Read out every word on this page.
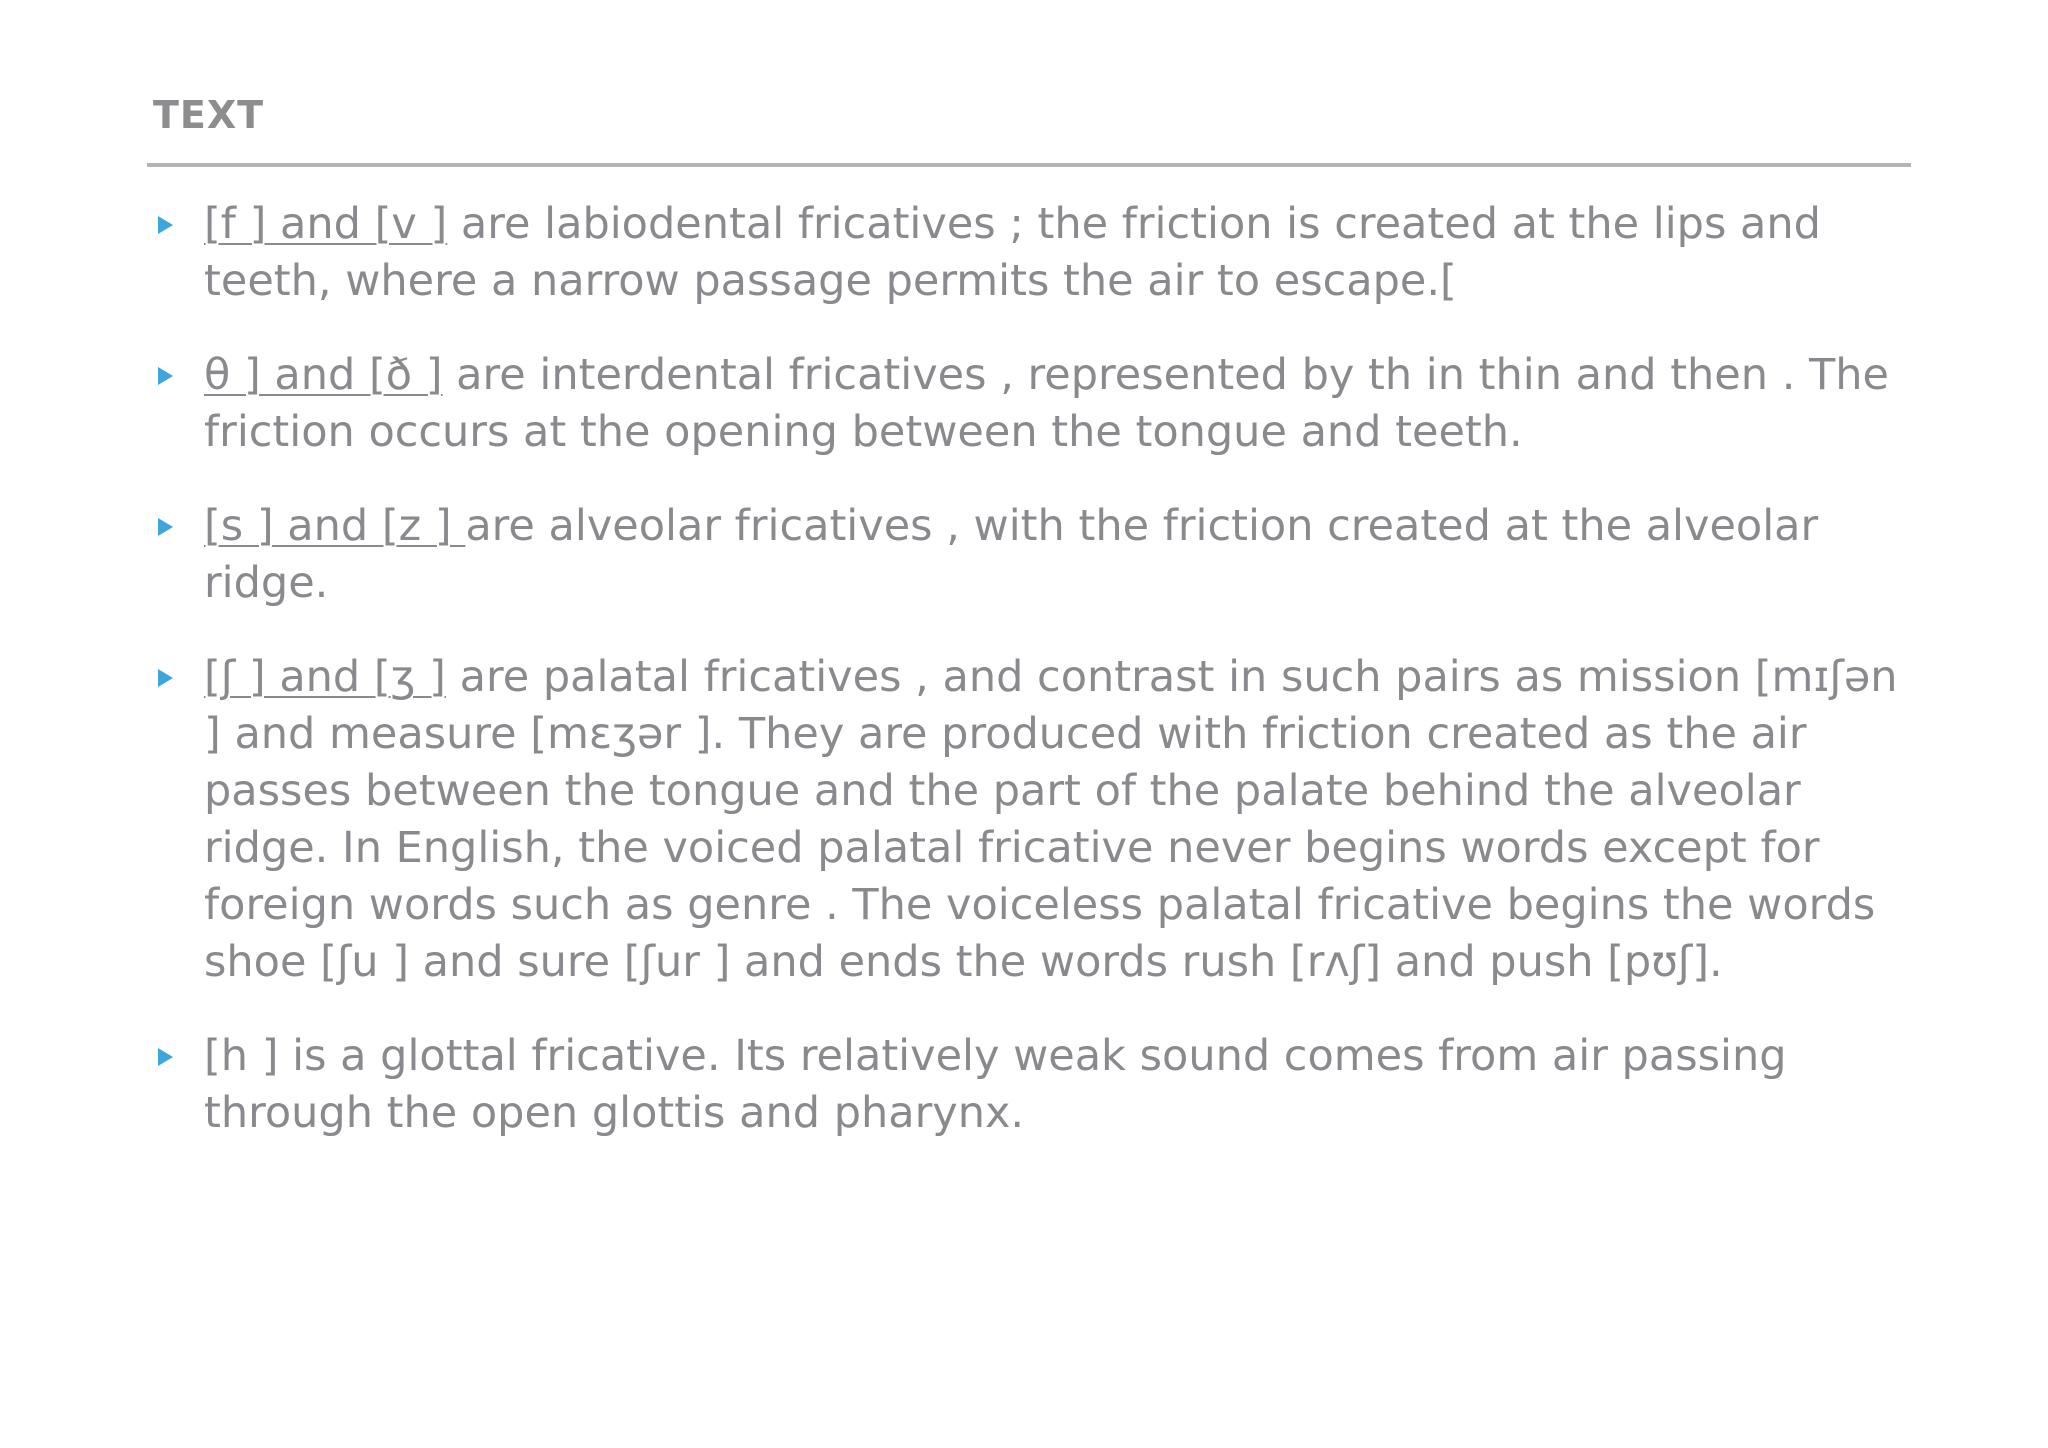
TEXT
[f ] and [v ] are labiodental fricatives ; the friction is created at the lips and teeth, where a narrow passage permits the air to escape.[
θ ] and [ð ] are interdental fricatives , represented by th in thin and then . The friction occurs at the opening between the tongue and teeth.
[s ] and [z ] are alveolar fricatives , with the friction created at the alveolar ridge.
[ʃ ] and [ʒ ] are palatal fricatives , and contrast in such pairs as mission [mɪʃən ] and measure [mɛʒər ]. They are produced with friction created as the air passes between the tongue and the part of the palate behind the alveolar ridge. In English, the voiced palatal fricative never begins words except for foreign words such as genre . The voiceless palatal fricative begins the words shoe [ʃu ] and sure [ʃur ] and ends the words rush [rʌʃ] and push [pʊʃ].
[h ] is a glottal fricative. Its relatively weak sound comes from air passing through the open glottis and pharynx.
